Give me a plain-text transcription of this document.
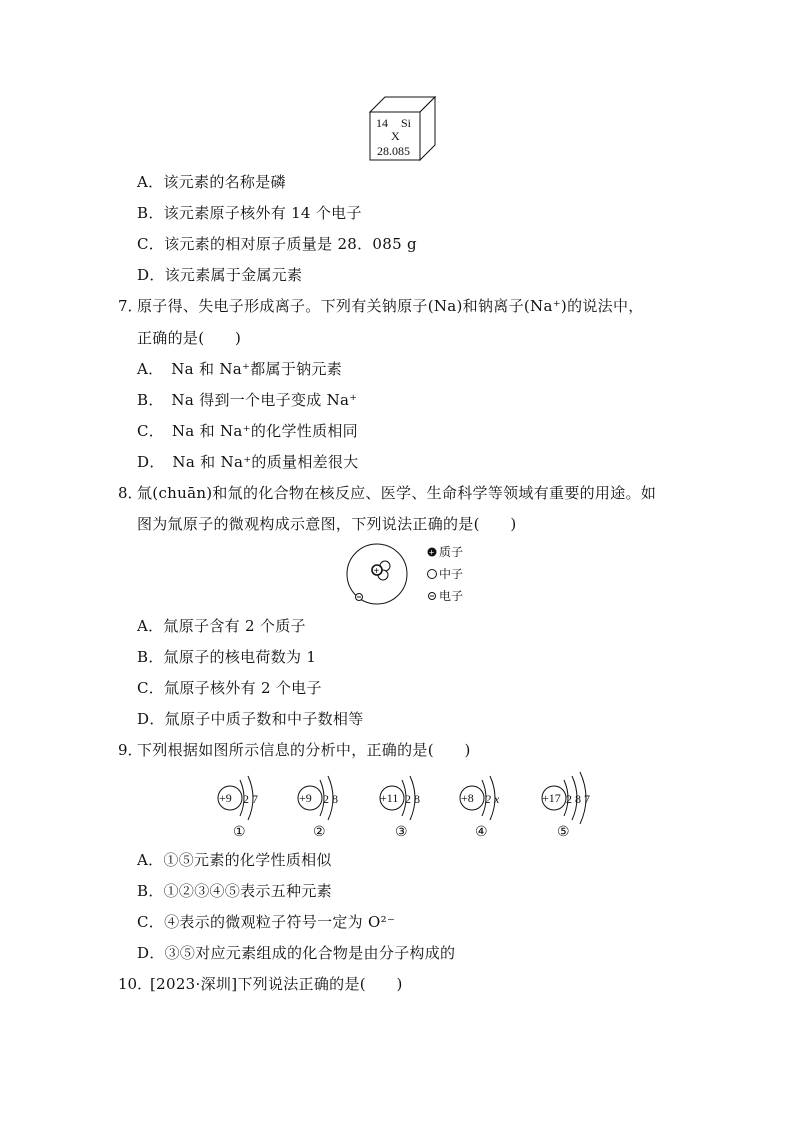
14 Si
X
28.085
A．该元素的名称是磷
B．该元素原子核外有 14 个电子
C．该元素的相对原子质量是 28．085 g
D．该元素属于金属元素
7．
原子得、失电子形成离子。下列有关钠原子(Na)和钠离子(Na⁺)的说法中，
正确的是(　　)
A．　Na 和 Na⁺都属于钠元素
B．　Na 得到一个电子变成 Na⁺
C．　Na 和 Na⁺的化学性质相同
D．　Na 和 Na⁺的质量相差很大
8．
氚(chuān)和氚的化合物在核反应、医学、生命科学等领域有重要的用途。如
图为氚原子的微观构成示意图，下列说法正确的是(　　)
+
+ 质子
中子
电子
A．氚原子含有 2 个质子
B．氚原子的核电荷数为 1
C．氚原子核外有 2 个电子
D．氚原子中质子数和中子数相等
9．
下列根据如图所示信息的分析中，正确的是(　　)
+9 2 7
①
+9 2 8
②
+11 2 8
③
+8 2 x
④
+17 2 8 7
⑤
A．①⑤元素的化学性质相似
B．①②③④⑤表示五种元素
C．④表示的微观粒子符号一定为 O²⁻
D．③⑤对应元素组成的化合物是由分子构成的
10．
[2023·深圳]下列说法正确的是(　　)
